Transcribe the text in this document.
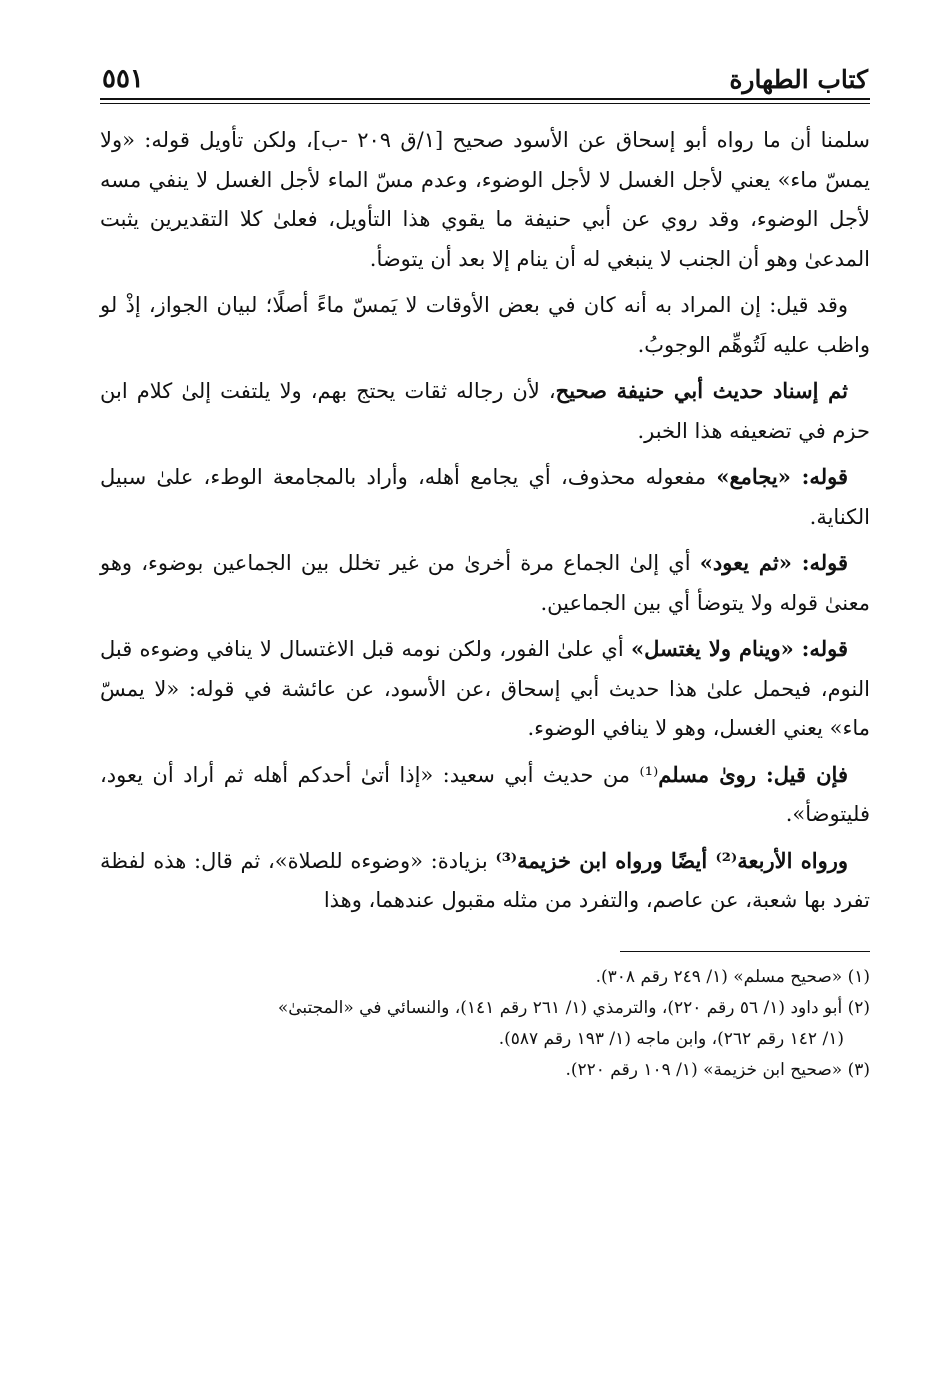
كتاب الطهارة
٥٥١

سلمنا أن ما رواه أبو إسحاق عن الأسود صحيح [١/ق ٢٠٩ -ب]، ولكن تأويل قوله: «ولا يمسّ ماء» يعني لأجل الغسل لا لأجل الوضوء، وعدم مسّ الماء لأجل الغسل لا ينفي مسه لأجل الوضوء، وقد روي عن أبي حنيفة ما يقوي هذا التأويل، فعلىٰ كلا التقديرين يثبت المدعىٰ وهو أن الجنب لا ينبغي له أن ينام إلا بعد أن يتوضأ.

وقد قيل: إن المراد به أنه كان في بعض الأوقات لا يَمسّ ماءً أصلًا؛ لبيان الجواز، إذْ لو واظب عليه لَتُوهِّم الوجوبُ.

ثم إسناد حديث أبي حنيفة صحيح، لأن رجاله ثقات يحتج بهم، ولا يلتفت إلىٰ كلام ابن حزم في تضعيفه هذا الخبر.

قوله: «يجامع» مفعوله محذوف، أي يجامع أهله، وأراد بالمجامعة الوطء، علىٰ سبيل الكناية.

قوله: «ثم يعود» أي إلىٰ الجماع مرة أخرىٰ من غير تخلل بين الجماعين بوضوء، وهو معنىٰ قوله ولا يتوضأ أي بين الجماعين.

قوله: «وينام ولا يغتسل» أي علىٰ الفور، ولكن نومه قبل الاغتسال لا ينافي وضوءه قبل النوم، فيحمل علىٰ هذا حديث أبي إسحاق ،عن الأسود، عن عائشة في قوله: «لا يمسّ ماء» يعني الغسل، وهو لا ينافي الوضوء.

فإن قيل: روىٰ مسلم⁽¹⁾ من حديث أبي سعيد: «إذا أتىٰ أحدكم أهله ثم أراد أن يعود، فليتوضأ».

ورواه الأربعة⁽²⁾ أيضًا ورواه ابن خزيمة⁽³⁾ بزيادة: «وضوءه للصلاة»، ثم قال: هذه لفظة تفرد بها شعبة، عن عاصم، والتفرد من مثله مقبول عندهما، وهذا

(١) «صحيح مسلم» (١/ ٢٤٩ رقم ٣٠٨).

(٢) أبو داود (١/ ٥٦ رقم ٢٢٠)، والترمذي (١/ ٢٦١ رقم ١٤١)، والنسائي في «المجتبىٰ»

(١/ ١٤٢ رقم ٢٦٢)، وابن ماجه (١/ ١٩٣ رقم ٥٨٧).

(٣) «صحيح ابن خزيمة» (١/ ١٠٩ رقم ٢٢٠).
